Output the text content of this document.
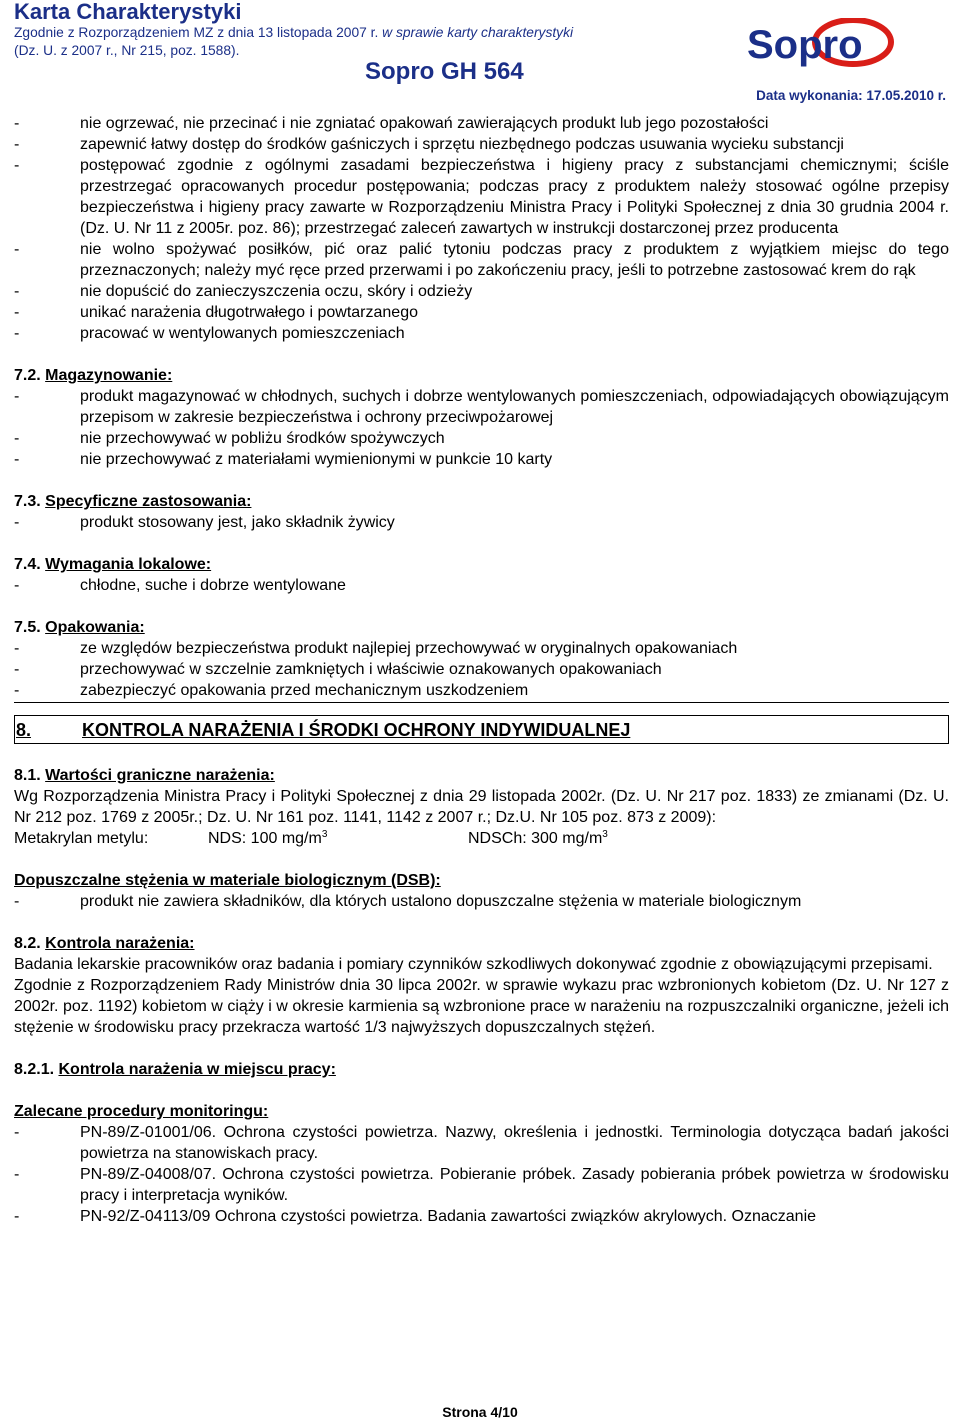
Karta Charakterystyki
Zgodnie z Rozporządzeniem MZ z dnia 13 listopada 2007 r. w sprawie karty charakterystyki
(Dz. U. z 2007 r., Nr 215, poz. 1588).
Sopro GH 564
Data wykonania: 17.05.2010 r.
Sopro
-	nie ogrzewać, nie przecinać i nie zgniatać opakowań zawierających produkt lub jego pozostałości
-	zapewnić łatwy dostęp do środków gaśniczych i sprzętu niezbędnego podczas usuwania wycieku substancji
-	postępować zgodnie z ogólnymi zasadami bezpieczeństwa i higieny pracy z substancjami chemicznymi; ściśle przestrzegać opracowanych procedur postępowania; podczas pracy z produktem należy stosować ogólne przepisy bezpieczeństwa i higieny pracy zawarte w Rozporządzeniu Ministra Pracy i Polityki Społecznej z dnia 30 grudnia 2004 r. (Dz. U. Nr 11 z 2005r. poz. 86); przestrzegać zaleceń zawartych w instrukcji dostarczonej przez producenta
-	nie wolno spożywać posiłków, pić oraz palić tytoniu podczas pracy z produktem z wyjątkiem miejsc do tego przeznaczonych; należy myć ręce przed przerwami i po zakończeniu pracy, jeśli to potrzebne zastosować krem do rąk
-	nie dopuścić do zanieczyszczenia oczu, skóry i odzieży
-	unikać narażenia długotrwałego i powtarzanego
-	pracować w wentylowanych pomieszczeniach
7.2. Magazynowanie:
-	produkt magazynować w chłodnych, suchych i dobrze wentylowanych pomieszczeniach, odpowiadających obowiązującym przepisom w zakresie bezpieczeństwa i ochrony przeciwpożarowej
-	nie przechowywać w pobliżu środków spożywczych
-	nie przechowywać z materiałami wymienionymi w punkcie 10 karty
7.3. Specyficzne zastosowania:
-	produkt stosowany jest, jako składnik żywicy
7.4. Wymagania lokalowe:
-	chłodne, suche i dobrze wentylowane
7.5. Opakowania:
-	ze względów bezpieczeństwa produkt najlepiej przechowywać w oryginalnych opakowaniach
-	przechowywać w szczelnie zamkniętych i właściwie oznakowanych opakowaniach
-	zabezpieczyć opakowania przed mechanicznym uszkodzeniem
8.	KONTROLA NARAŻENIA I ŚRODKI OCHRONY INDYWIDUALNEJ
8.1. Wartości graniczne narażenia:
Wg Rozporządzenia Ministra Pracy i Polityki Społecznej z dnia 29 listopada 2002r. (Dz. U. Nr 217 poz. 1833) ze zmianami (Dz. U. Nr 212 poz. 1769 z 2005r.; Dz. U. Nr 161 poz. 1141, 1142 z 2007 r.; Dz.U. Nr 105 poz. 873 z 2009):
Metakrylan metylu:	NDS: 100 $mg/m^3$	NDSCh: 300 $mg/m^3$
Dopuszczalne stężenia w materiale biologicznym (DSB):
-	produkt nie zawiera składników, dla których ustalono dopuszczalne stężenia w materiale biologicznym
8.2. Kontrola narażenia:
Badania lekarskie pracowników oraz badania i pomiary czynników szkodliwych dokonywać zgodnie z obowiązującymi przepisami.
Zgodnie z Rozporządzeniem Rady Ministrów dnia 30 lipca 2002r. w sprawie wykazu prac wzbronionych kobietom (Dz. U. Nr 127 z 2002r. poz. 1192) kobietom w ciąży i w okresie karmienia są wzbronione prace w narażeniu na rozpuszczalniki organiczne, jeżeli ich stężenie w środowisku pracy przekracza wartość 1/3 najwyższych dopuszczalnych stężeń.
8.2.1. Kontrola narażenia w miejscu pracy:
Zalecane procedury monitoringu:
-	PN-89/Z-01001/06. Ochrona czystości powietrza. Nazwy, określenia i jednostki. Terminologia dotycząca badań jakości powietrza na stanowiskach pracy.
-	PN-89/Z-04008/07. Ochrona czystości powietrza. Pobieranie próbek. Zasady pobierania próbek powietrza w środowisku pracy i interpretacja wyników.
-	PN-92/Z-04113/09 Ochrona czystości powietrza. Badania zawartości związków akrylowych. Oznaczanie
Strona 4/10
